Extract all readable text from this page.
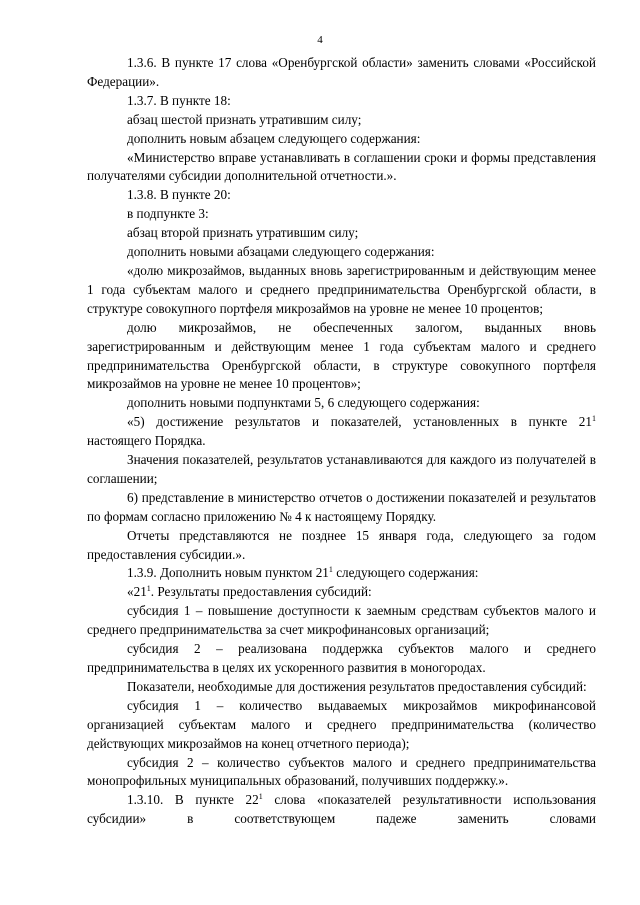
4

1.3.6. В пункте 17 слова «Оренбургской области» заменить словами «Российской Федерации».

1.3.7. В пункте 18:

абзац шестой признать утратившим силу;

дополнить новым абзацем следующего содержания:

«Министерство вправе устанавливать в соглашении сроки и формы представления получателями субсидии дополнительной отчетности.».

1.3.8. В пункте 20:

в подпункте 3:

абзац второй признать утратившим силу;

дополнить новыми абзацами следующего содержания:

«долю микрозаймов, выданных вновь зарегистрированным и действующим менее 1 года субъектам малого и среднего предпринимательства Оренбургской области, в структуре совокупного портфеля микрозаймов на уровне не менее 10 процентов;

долю микрозаймов, не обеспеченных залогом, выданных вновь зарегистрированным и действующим менее 1 года субъектам малого и среднего предпринимательства Оренбургской области, в структуре совокупного портфеля микрозаймов на уровне не менее 10 процентов»;

дополнить новыми подпунктами 5, 6 следующего содержания:

«5) достижение результатов и показателей, установленных в пункте $21^1$ настоящего Порядка.

Значения показателей, результатов устанавливаются для каждого из получателей в соглашении;

6) представление в министерство отчетов о достижении показателей и результатов по формам согласно приложению № 4 к настоящему Порядку.

Отчеты представляются не позднее 15 января года, следующего за годом предоставления субсидии.».

1.3.9. Дополнить новым пунктом $21^1$ следующего содержания:

«$21^1$. Результаты предоставления субсидий:

субсидия 1 – повышение доступности к заемным средствам субъектов малого и среднего предпринимательства за счет микрофинансовых организаций;

субсидия 2 – реализована поддержка субъектов малого и среднего предпринимательства в целях их ускоренного развития в моногородах.

Показатели, необходимые для достижения результатов предоставления субсидий:

субсидия 1 – количество выдаваемых микрозаймов микрофинансовой организацией субъектам малого и среднего предпринимательства (количество действующих микрозаймов на конец отчетного периода);

субсидия 2 – количество субъектов малого и среднего предпринимательства монопрофильных муниципальных образований, получивших поддержку.».

1.3.10. В пункте $22^1$ слова «показателей результативности использования субсидии» в соответствующем падеже заменить словами
